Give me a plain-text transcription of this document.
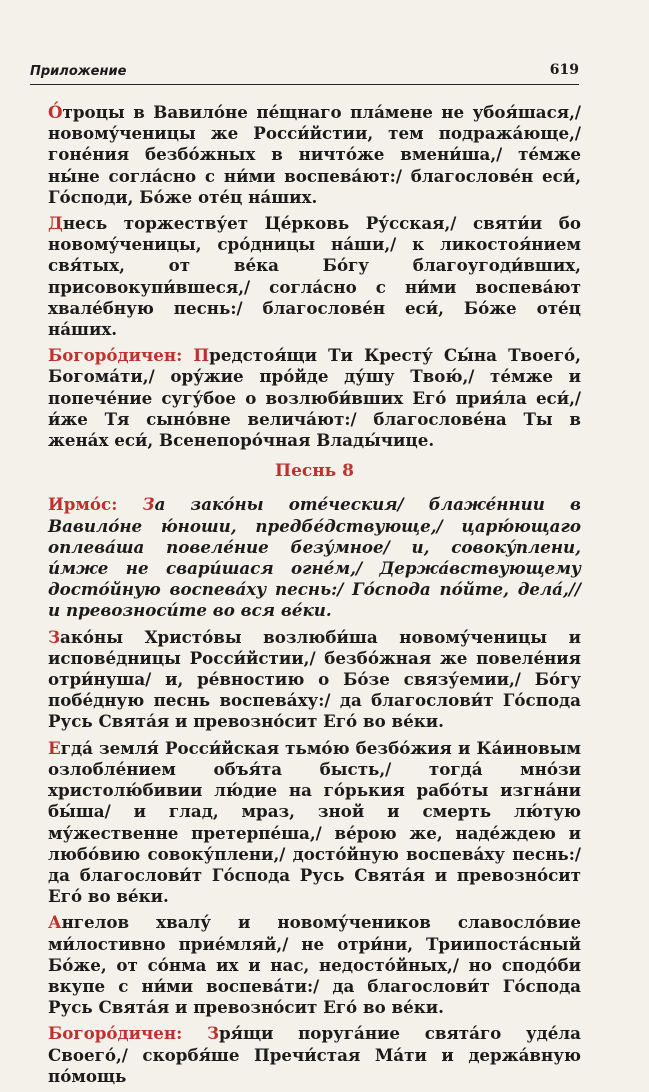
Приложение	619

О́троцы в Вавило́не пе́щнаго пла́мене не убоя́шася,/ новому́ченицы же Росси́йстии, тем подража́юще,/ гоне́ния безбо́жных в ничто́же вмени́ша,/ те́мже ны́не согла́сно с ни́ми воспева́ют:/ благослове́н еси́, Го́споди, Бо́же оте́ц на́ших.

Днесь торжеству́ет Це́рковь Ру́сская,/ святи́и бо новому́ченицы, сро́дницы на́ши,/ к ликостоя́нием свя́тых, от ве́ка Бо́гу благоугоди́вших, присовокупи́вшеся,/ согла́сно с ни́ми воспева́ют хвале́бную песнь:/ благослове́н еси́, Бо́же оте́ц на́ших.

Богоро́дичен: Предстоя́щи Ти Кресту́ Сы́на Твоего́, Богома́ти,/ ору́жие про́йде ду́шу Твою́,/ те́мже и попече́ние сугу́бое о возлюби́вших Его́ прия́ла еси́,/ и́же Тя сыно́вне велича́ют:/ благослове́на Ты в жена́х еси́, Всенепоро́чная Влады́чице.

Песнь 8

Ирмо́с: За зако́ны оте́ческия/ блаже́ннии в Вавило́не ю́ноши, предбе́дствующе,/ царю́ющаго оплева́ша повеле́ние безу́мное/ и, совоку́плени, и́мже не свари́шася огне́м,/ Держа́вствующему досто́йную воспева́ху песнь:/ Го́спода по́йте, дела́,// и превозноси́те во вся ве́ки.

Зако́ны Христо́вы возлюби́ша новому́ченицы и испове́дницы Росси́йстии,/ безбо́жная же повеле́ния отри́нуша/ и, ре́вностию о Бо́зе связу́емии,/ Бо́гу побе́дную песнь воспева́ху:/ да благослови́т Го́спода Русь Свята́я и превозно́сит Его́ во ве́ки.

Егда́ земля́ Росси́йская тьмо́ю безбо́жия и Ка́иновым озлобле́нием объя́та бысть,/ тогда́ мно́зи христолю́бивии лю́дие на го́рькия рабо́ты изгна́ни бы́ша/ и глад, мраз, зной и смерть лю́тую му́жественне претерпе́ша,/ ве́рою же, наде́ждею и любо́вию совоку́плени,/ досто́йную воспева́ху песнь:/ да благослови́т Го́спода Русь Свята́я и превозно́сит Его́ во ве́ки.

Ангелов хвалу́ и новому́чеников славосло́вие ми́лостивно прие́мляй,/ не отри́ни, Триипоста́сный Бо́же, от со́нма их и нас, недосто́йных,/ но сподо́би вкупе с ни́ми воспева́ти:/ да благослови́т Го́спода Русь Свята́я и превозно́сит Его́ во ве́ки.

Богоро́дичен: Зря́щи поруга́ние свята́го уде́ла Своего́,/ скорбя́ше Пречи́стая Ма́ти и держа́вную по́мощь
